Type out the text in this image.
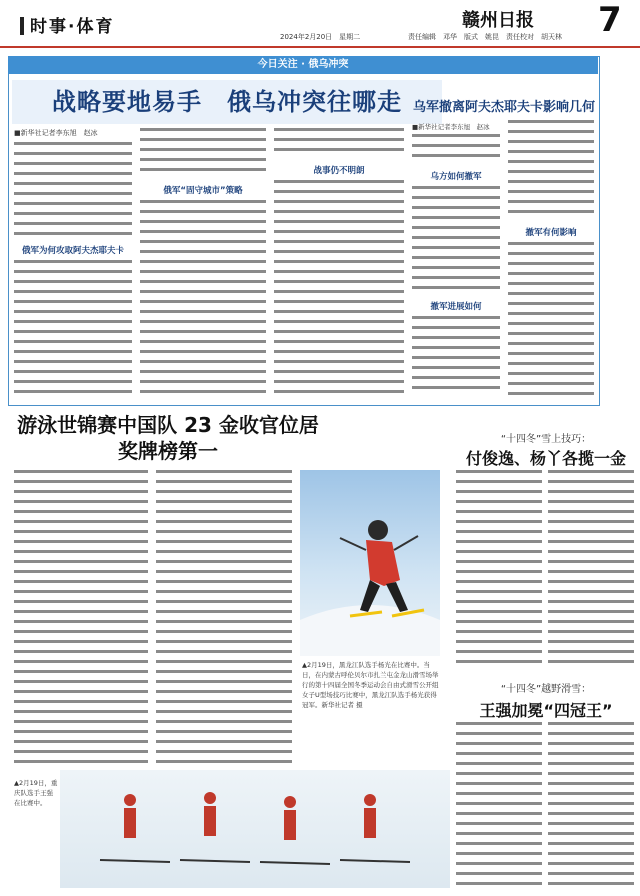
时事·体育	2024年2月20日　星期二	责任编辑　邓华　版式　姚昆　责任校对　胡天林
赣州日报 7
今日关注 · 俄乌冲突
战略要地易手　俄乌冲突往哪走
■新华社记者李东旭　赵冰
俄军为何攻取阿夫杰耶夫卡
俄军“固守城市”策略
战事仍不明朗
乌军撤离阿夫杰耶夫卡影响几何
■新华社记者李东旭　赵冰
乌方如何撤军
撤军进展如何
撤军有何影响
游泳世锦赛中国队 23 金收官位居奖牌榜第一
▲2月19日，黑龙江队选手杨光在比赛中。当日，在内蒙古呼伦贝尔市扎兰屯金龙山滑雪场举行的第十四届全国冬季运动会自由式滑雪公开组女子U型场技巧比赛中，黑龙江队选手杨光获得冠军。新华社记者 摄
▲2月19日，重庆队选手王强在比赛中。
“十四冬”雪上技巧：
付俊逸、杨丫各揽一金
“十四冬”越野滑雪：
王强加冕“四冠王”
